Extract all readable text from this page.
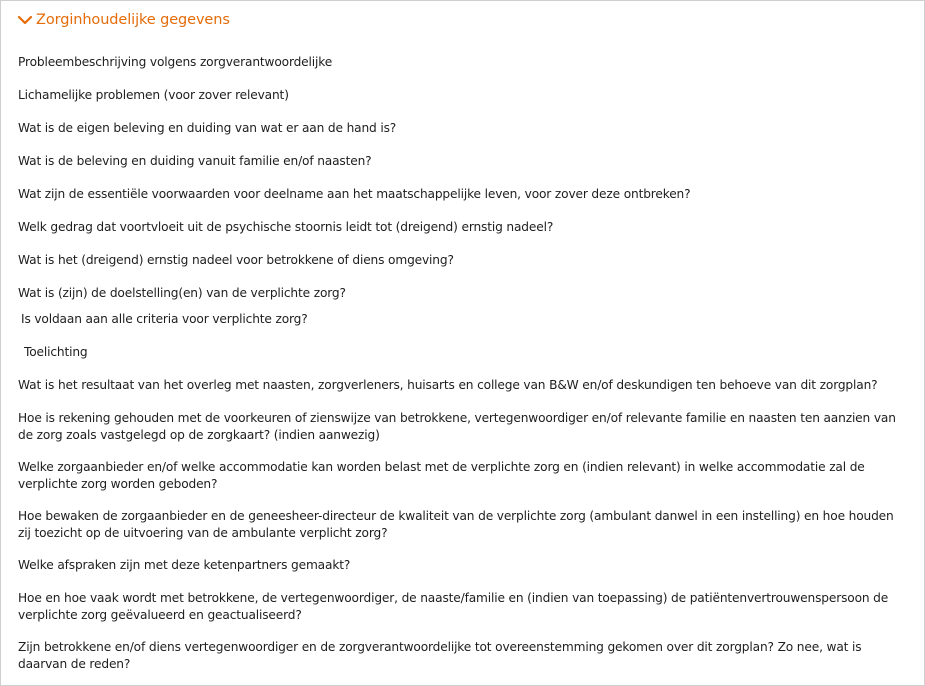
Zorginhoudelijke gegevens
Probleembeschrijving volgens zorgverantwoordelijke
Lichamelijke problemen (voor zover relevant)
Wat is de eigen beleving en duiding van wat er aan de hand is?
Wat is de beleving en duiding vanuit familie en/of naasten?
Wat zijn de essentiële voorwaarden voor deelname aan het maatschappelijke leven, voor zover deze ontbreken?
Welk gedrag dat voortvloeit uit de psychische stoornis leidt tot (dreigend) ernstig nadeel?
Wat is het (dreigend) ernstig nadeel voor betrokkene of diens omgeving?
Wat is (zijn) de doelstelling(en) van de verplichte zorg?
Is voldaan aan alle criteria voor verplichte zorg?
Toelichting
Wat is het resultaat van het overleg met naasten, zorgverleners, huisarts en college van B&W en/of deskundigen ten behoeve van dit zorgplan?
Hoe is rekening gehouden met de voorkeuren of zienswijze van betrokkene, vertegenwoordiger en/of relevante familie en naasten ten aanzien van de zorg zoals vastgelegd op de zorgkaart? (indien aanwezig)
Welke zorgaanbieder en/of welke accommodatie kan worden belast met de verplichte zorg en (indien relevant) in welke accommodatie zal de verplichte zorg worden geboden?
Hoe bewaken de zorgaanbieder en de geneesheer-directeur de kwaliteit van de verplichte zorg (ambulant danwel in een instelling) en hoe houden zij toezicht op de uitvoering van de ambulante verplicht zorg?
Welke afspraken zijn met deze ketenpartners gemaakt?
Hoe en hoe vaak wordt met betrokkene, de vertegenwoordiger, de naaste/familie en (indien van toepassing) de patiëntenvertrouwenspersoon de verplichte zorg geëvalueerd en geactualiseerd?
Zijn betrokkene en/of diens vertegenwoordiger en de zorgverantwoordelijke tot overeenstemming gekomen over dit zorgplan? Zo nee, wat is daarvan de reden?
